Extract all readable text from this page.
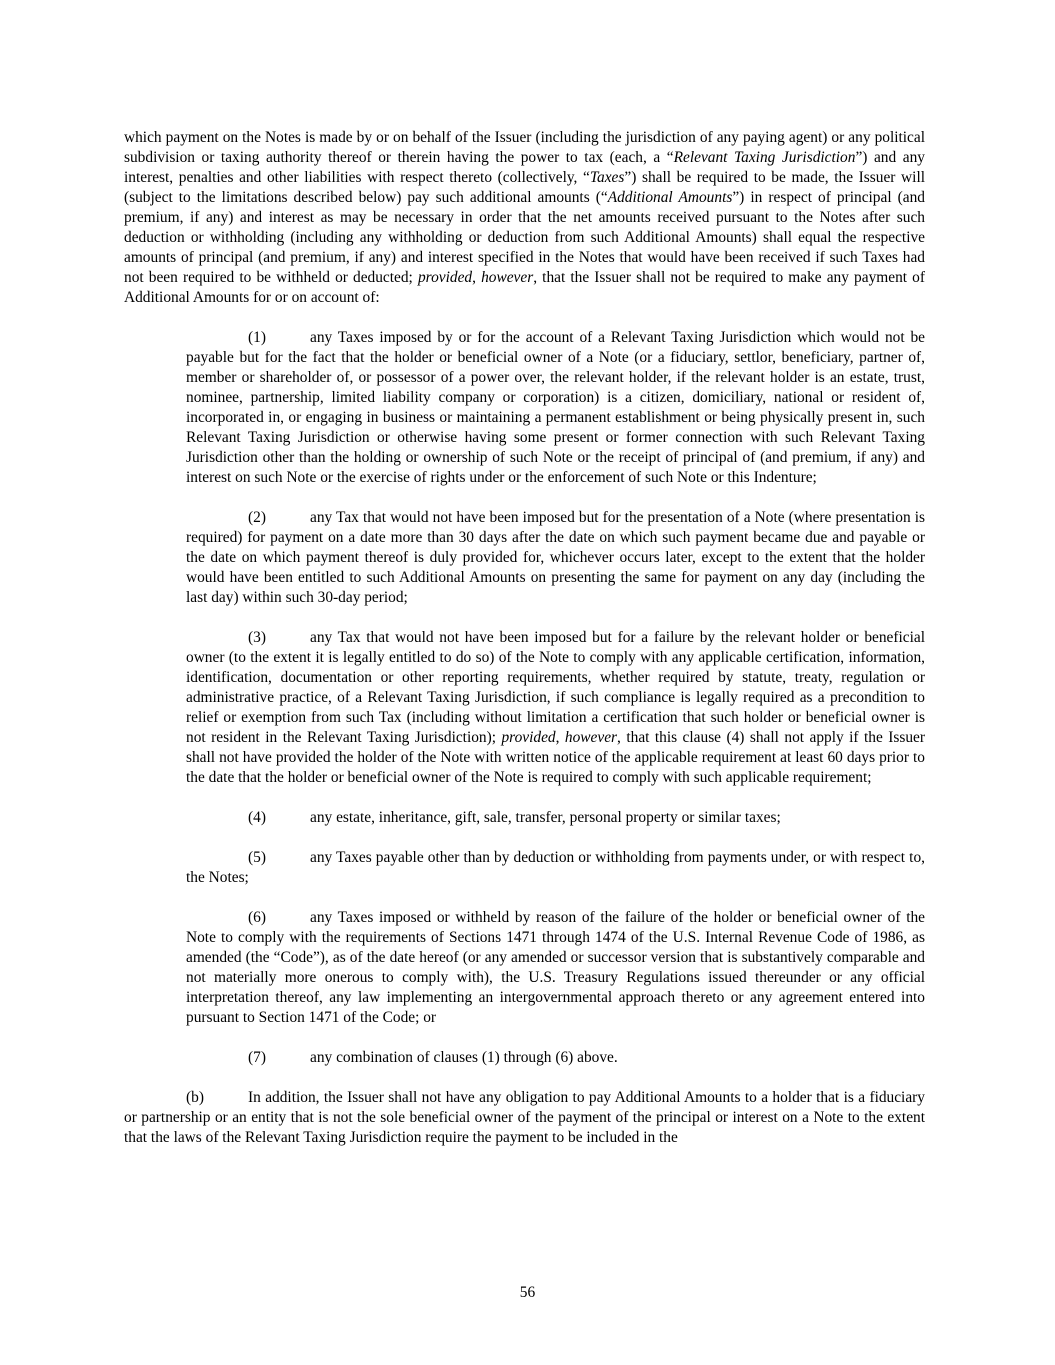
which payment on the Notes is made by or on behalf of the Issuer (including the jurisdiction of any paying agent) or any political subdivision or taxing authority thereof or therein having the power to tax (each, a “Relevant Taxing Jurisdiction”) and any interest, penalties and other liabilities with respect thereto (collectively, “Taxes”) shall be required to be made, the Issuer will (subject to the limitations described below) pay such additional amounts (“Additional Amounts”) in respect of principal (and premium, if any) and interest as may be necessary in order that the net amounts received pursuant to the Notes after such deduction or withholding (including any withholding or deduction from such Additional Amounts) shall equal the respective amounts of principal (and premium, if any) and interest specified in the Notes that would have been received if such Taxes had not been required to be withheld or deducted; provided, however, that the Issuer shall not be required to make any payment of Additional Amounts for or on account of:

(1)	any Taxes imposed by or for the account of a Relevant Taxing Jurisdiction which would not be payable but for the fact that the holder or beneficial owner of a Note (or a fiduciary, settlor, beneficiary, partner of, member or shareholder of, or possessor of a power over, the relevant holder, if the relevant holder is an estate, trust, nominee, partnership, limited liability company or corporation) is a citizen, domiciliary, national or resident of, incorporated in, or engaging in business or maintaining a permanent establishment or being physically present in, such Relevant Taxing Jurisdiction or otherwise having some present or former connection with such Relevant Taxing Jurisdiction other than the holding or ownership of such Note or the receipt of principal of (and premium, if any) and interest on such Note or the exercise of rights under or the enforcement of such Note or this Indenture;

(2)	any Tax that would not have been imposed but for the presentation of a Note (where presentation is required) for payment on a date more than 30 days after the date on which such payment became due and payable or the date on which payment thereof is duly provided for, whichever occurs later, except to the extent that the holder would have been entitled to such Additional Amounts on presenting the same for payment on any day (including the last day) within such 30-day period;

(3)	any Tax that would not have been imposed but for a failure by the relevant holder or beneficial owner (to the extent it is legally entitled to do so) of the Note to comply with any applicable certification, information, identification, documentation or other reporting requirements, whether required by statute, treaty, regulation or administrative practice, of a Relevant Taxing Jurisdiction, if such compliance is legally required as a precondition to relief or exemption from such Tax (including without limitation a certification that such holder or beneficial owner is not resident in the Relevant Taxing Jurisdiction); provided, however, that this clause (4) shall not apply if the Issuer shall not have provided the holder of the Note with written notice of the applicable requirement at least 60 days prior to the date that the holder or beneficial owner of the Note is required to comply with such applicable requirement;

(4)	any estate, inheritance, gift, sale, transfer, personal property or similar taxes;

(5)	any Taxes payable other than by deduction or withholding from payments under, or with respect to, the Notes;

(6)	any Taxes imposed or withheld by reason of the failure of the holder or beneficial owner of the Note to comply with the requirements of Sections 1471 through 1474 of the U.S. Internal Revenue Code of 1986, as amended (the “Code”), as of the date hereof (or any amended or successor version that is substantively comparable and not materially more onerous to comply with), the U.S. Treasury Regulations issued thereunder or any official interpretation thereof, any law implementing an intergovernmental approach thereto or any agreement entered into pursuant to Section 1471 of the Code; or

(7)	any combination of clauses (1) through (6) above.

(b)	In addition, the Issuer shall not have any obligation to pay Additional Amounts to a holder that is a fiduciary or partnership or an entity that is not the sole beneficial owner of the payment of the principal or interest on a Note to the extent that the laws of the Relevant Taxing Jurisdiction require the payment to be included in the

56
